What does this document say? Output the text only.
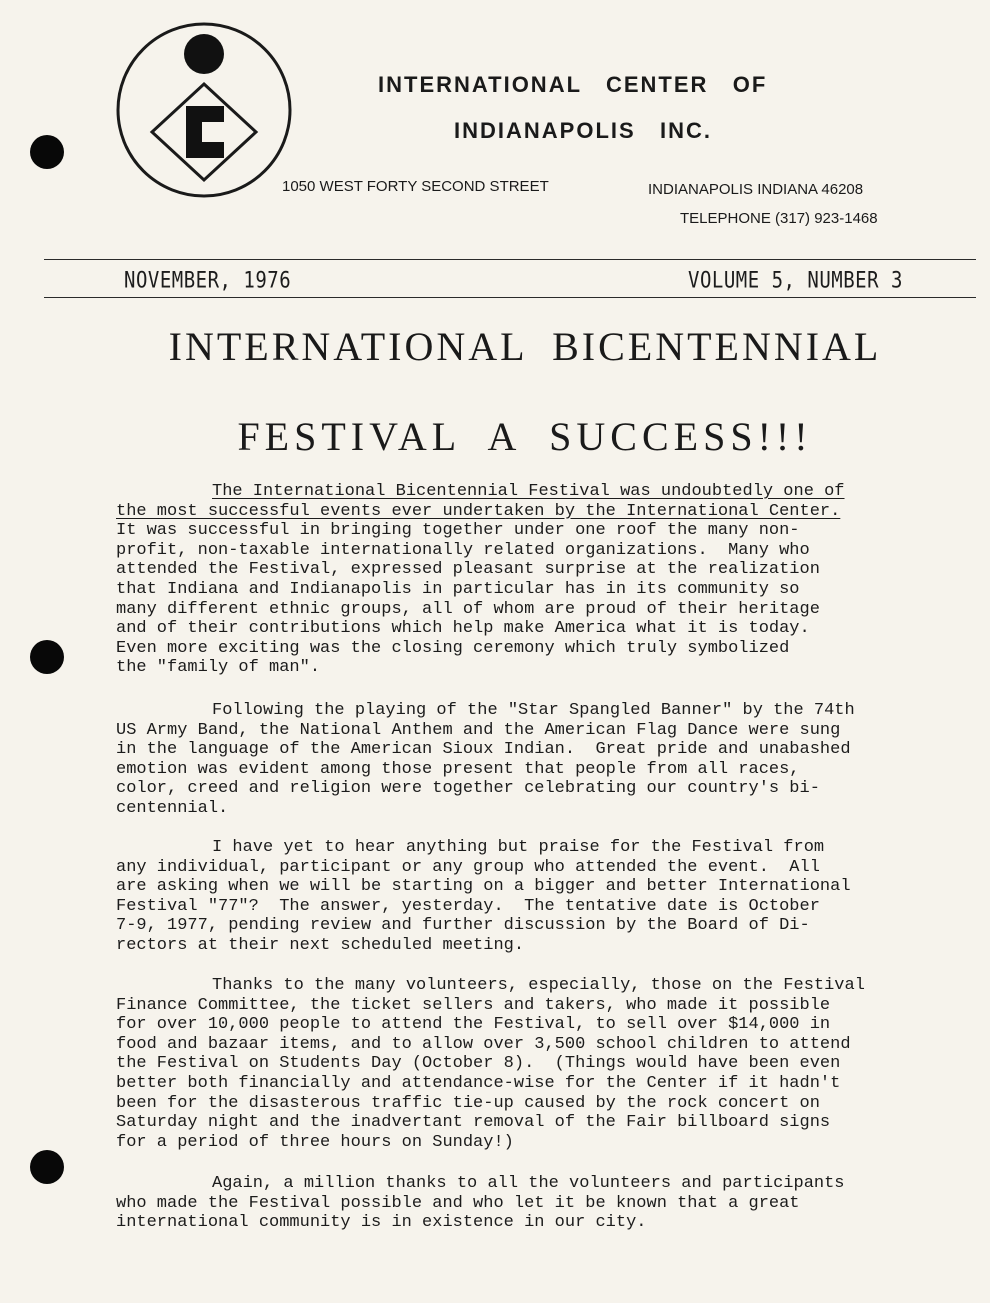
INTERNATIONAL   CENTER   OF
INDIANAPOLIS   INC.
1050 WEST FORTY SECOND STREET	INDIANAPOLIS INDIANA 46208
TELEPHONE (317) 923-1468
NOVEMBER, 1976	VOLUME 5, NUMBER 3
INTERNATIONAL  BICENTENNIAL
FESTIVAL  A  SUCCESS!!!
The International Bicentennial Festival was undoubtedly one of
the most successful events ever undertaken by the International Center.
It was successful in bringing together under one roof the many non-
profit, non-taxable internationally related organizations.  Many who
attended the Festival, expressed pleasant surprise at the realization
that Indiana and Indianapolis in particular has in its community so
many different ethnic groups, all of whom are proud of their heritage
and of their contributions which help make America what it is today.
Even more exciting was the closing ceremony which truly symbolized
the "family of man".
Following the playing of the "Star Spangled Banner" by the 74th
US Army Band, the National Anthem and the American Flag Dance were sung
in the language of the American Sioux Indian.  Great pride and unabashed
emotion was evident among those present that people from all races,
color, creed and religion were together celebrating our country's bi-
centennial.
I have yet to hear anything but praise for the Festival from
any individual, participant or any group who attended the event.  All
are asking when we will be starting on a bigger and better International
Festival "77"?  The answer, yesterday.  The tentative date is October
7-9, 1977, pending review and further discussion by the Board of Di-
rectors at their next scheduled meeting.
Thanks to the many volunteers, especially, those on the Festival
Finance Committee, the ticket sellers and takers, who made it possible
for over 10,000 people to attend the Festival, to sell over $14,000 in
food and bazaar items, and to allow over 3,500 school children to attend
the Festival on Students Day (October 8).  (Things would have been even
better both financially and attendance-wise for the Center if it hadn't
been for the disasterous traffic tie-up caused by the rock concert on
Saturday night and the inadvertant removal of the Fair billboard signs
for a period of three hours on Sunday!)
Again, a million thanks to all the volunteers and participants
who made the Festival possible and who let it be known that a great
international community is in existence in our city.
